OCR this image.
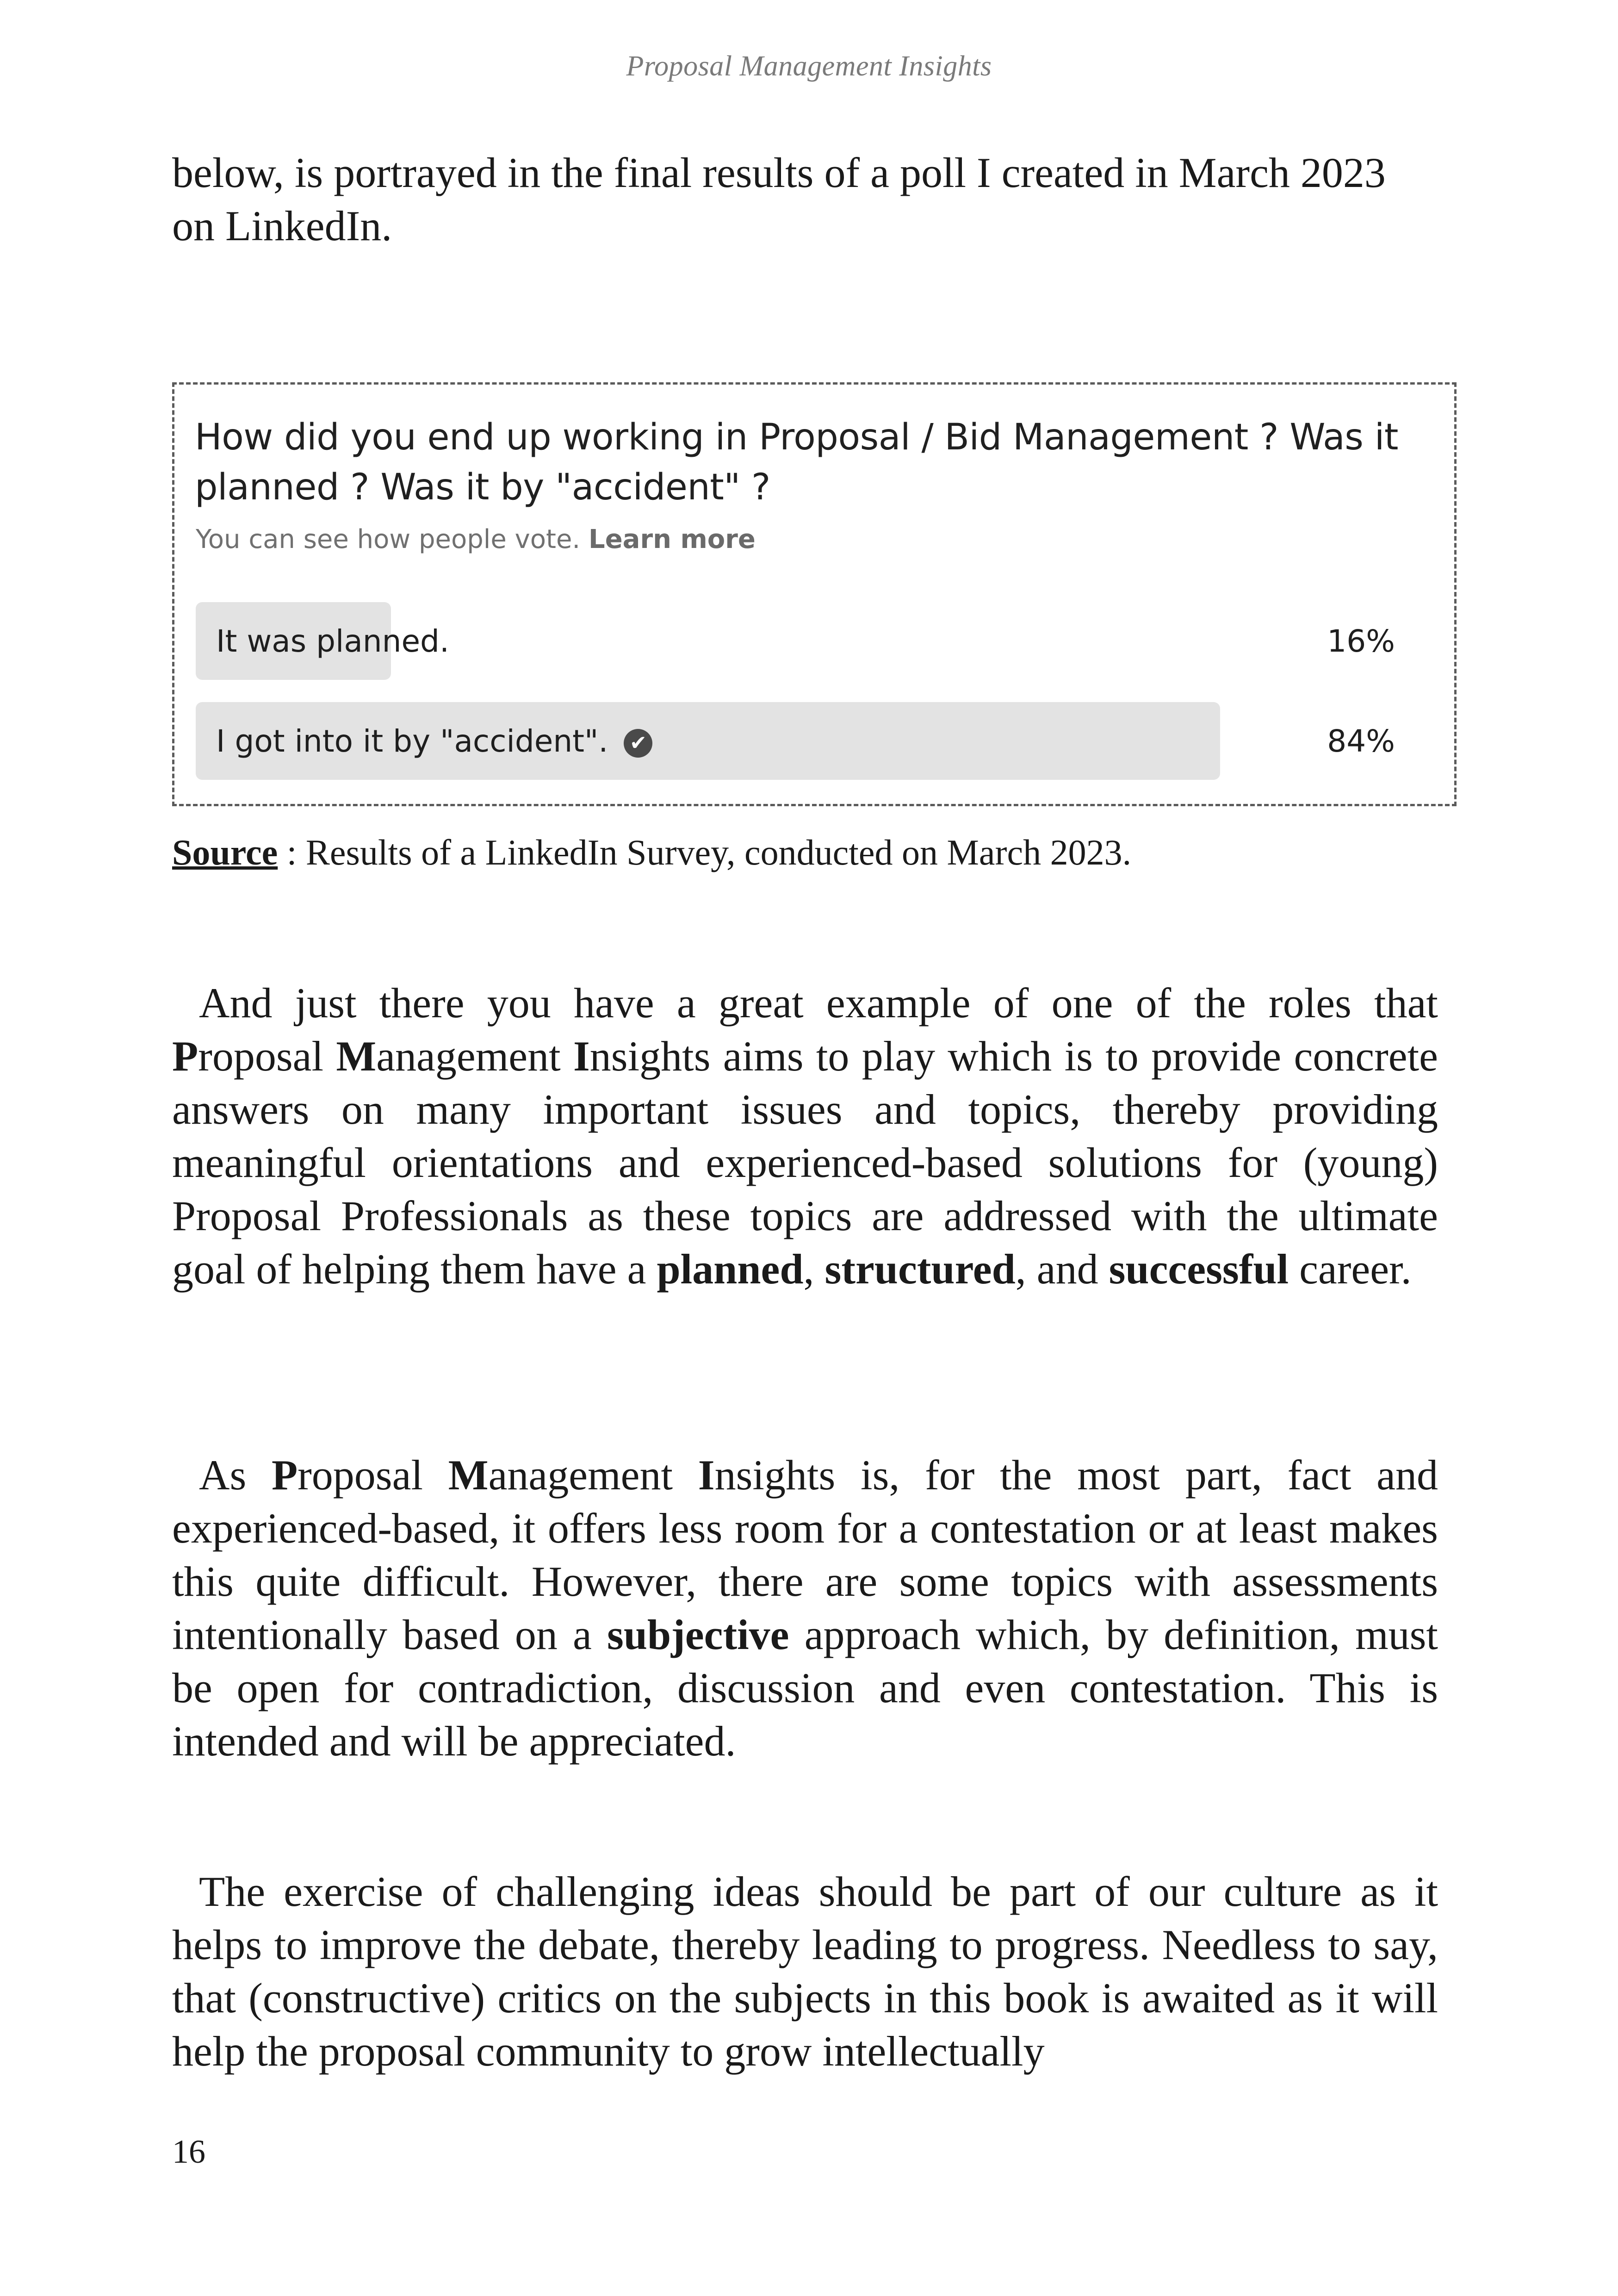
Proposal Management Insights

below, is portrayed in the final results of a poll I created in March 2023 on LinkedIn.

How did you end up working in Proposal / Bid Management ? Was it planned ? Was it by "accident" ?
You can see how people vote. Learn more
It was planned.	16%
I got into it by "accident". ✔	84%
Source : Results of a LinkedIn Survey, conducted on March 2023.

And just there you have a great example of one of the roles that Proposal Management Insights aims to play which is to provide concrete answers on many important issues and topics, thereby providing meaningful orientations and experienced-based solutions for (young) Proposal Professionals as these topics are addressed with the ultimate goal of helping them have a planned, structured, and successful career.

As Proposal Management Insights is, for the most part, fact and experienced-based, it offers less room for a contestation or at least makes this quite difficult. However, there are some topics with assessments intentionally based on a subjective approach which, by definition, must be open for contradiction, discussion and even contestation. This is intended and will be appreciated.

The exercise of challenging ideas should be part of our culture as it helps to improve the debate, thereby leading to progress. Needless to say, that (constructive) critics on the subjects in this book is awaited as it will help the proposal community to grow intellectually

16
